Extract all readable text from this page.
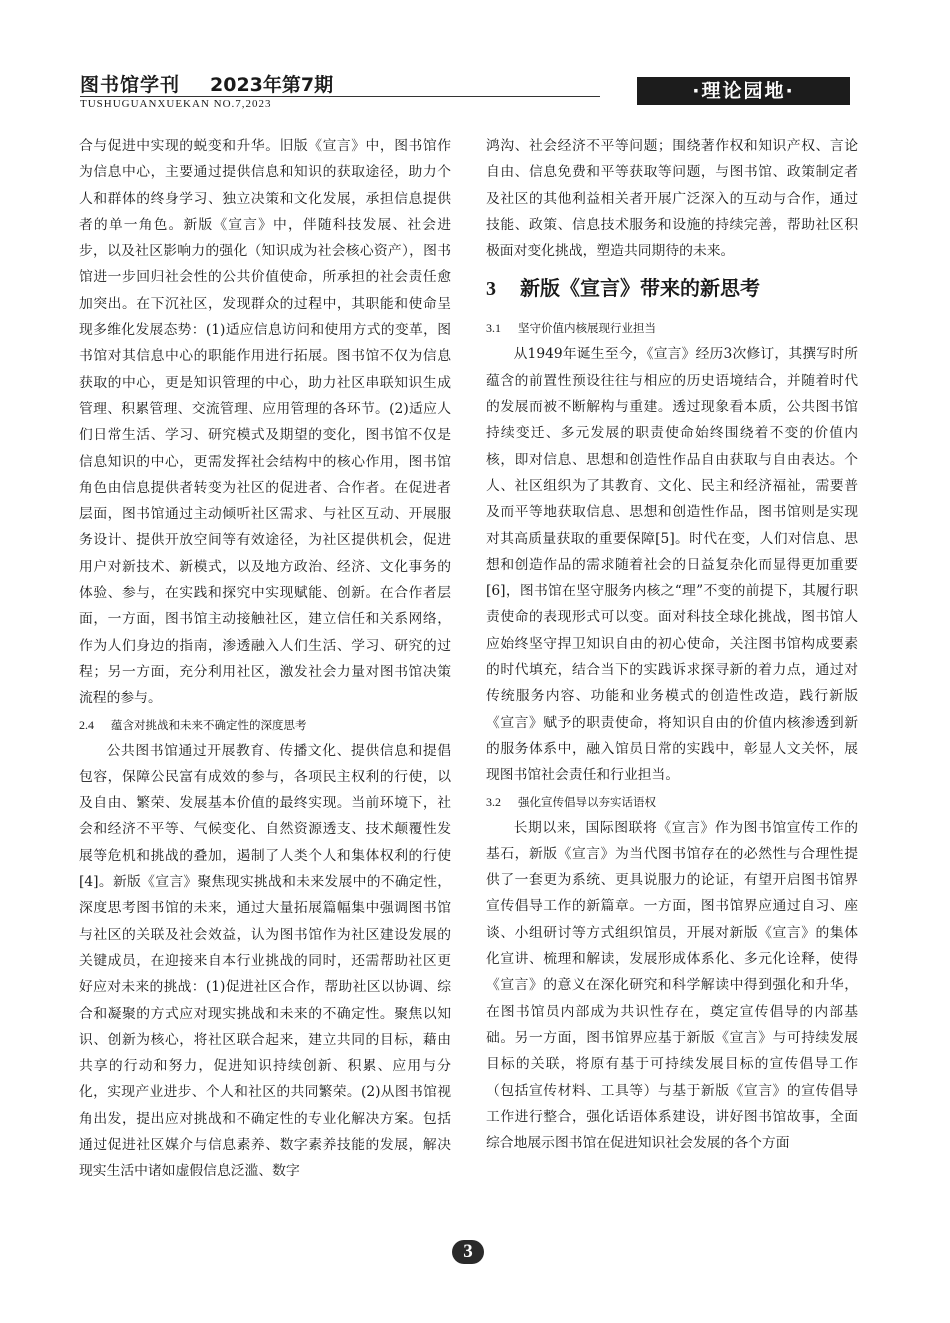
图书馆学刊 2023年第7期
TUSHUGUANXUEKAN NO.7,2023
·理论园地·

合与促进中实现的蜕变和升华。旧版《宣言》中，图书馆作为信息中心，主要通过提供信息和知识的获取途径，助力个人和群体的终身学习、独立决策和文化发展，承担信息提供者的单一角色。新版《宣言》中，伴随科技发展、社会进步，以及社区影响力的强化（知识成为社会核心资产），图书馆进一步回归社会性的公共价值使命，所承担的社会责任愈加突出。在下沉社区，发现群众的过程中，其职能和使命呈现多维化发展态势：(1)适应信息访问和使用方式的变革，图书馆对其信息中心的职能作用进行拓展。图书馆不仅为信息获取的中心，更是知识管理的中心，助力社区串联知识生成管理、积累管理、交流管理、应用管理的各环节。(2)适应人们日常生活、学习、研究模式及期望的变化，图书馆不仅是信息知识的中心，更需发挥社会结构中的核心作用，图书馆角色由信息提供者转变为社区的促进者、合作者。在促进者层面，图书馆通过主动倾听社区需求、与社区互动、开展服务设计、提供开放空间等有效途径，为社区提供机会，促进用户对新技术、新模式，以及地方政治、经济、文化事务的体验、参与，在实践和探究中实现赋能、创新。在合作者层面，一方面，图书馆主动接触社区，建立信任和关系网络，作为人们身边的指南，渗透融入人们生活、学习、研究的过程；另一方面，充分利用社区，激发社会力量对图书馆决策流程的参与。

2.4 蕴含对挑战和未来不确定性的深度思考

公共图书馆通过开展教育、传播文化、提供信息和提倡包容，保障公民富有成效的参与，各项民主权利的行使，以及自由、繁荣、发展基本价值的最终实现。当前环境下，社会和经济不平等、气候变化、自然资源透支、技术颠覆性发展等危机和挑战的叠加，遏制了人类个人和集体权利的行使[4]。新版《宣言》聚焦现实挑战和未来发展中的不确定性，深度思考图书馆的未来，通过大量拓展篇幅集中强调图书馆与社区的关联及社会效益，认为图书馆作为社区建设发展的关键成员，在迎接来自本行业挑战的同时，还需帮助社区更好应对未来的挑战：(1)促进社区合作，帮助社区以协调、综合和凝聚的方式应对现实挑战和未来的不确定性。聚焦以知识、创新为核心，将社区联合起来，建立共同的目标，藉由共享的行动和努力，促进知识持续创新、积累、应用与分化，实现产业进步、个人和社区的共同繁荣。(2)从图书馆视角出发，提出应对挑战和不确定性的专业化解决方案。包括通过促进社区媒介与信息素养、数字素养技能的发展，解决现实生活中诸如虚假信息泛滥、数字

鸿沟、社会经济不平等问题；围绕著作权和知识产权、言论自由、信息免费和平等获取等问题，与图书馆、政策制定者及社区的其他利益相关者开展广泛深入的互动与合作，通过技能、政策、信息技术服务和设施的持续完善，帮助社区积极面对变化挑战，塑造共同期待的未来。

3 新版《宣言》带来的新思考

3.1 坚守价值内核展现行业担当

从1949年诞生至今，《宣言》经历3次修订，其撰写时所蕴含的前置性预设往往与相应的历史语境结合，并随着时代的发展而被不断解构与重建。透过现象看本质，公共图书馆持续变迁、多元发展的职责使命始终围绕着不变的价值内核，即对信息、思想和创造性作品自由获取与自由表达。个人、社区组织为了其教育、文化、民主和经济福祉，需要普及而平等地获取信息、思想和创造性作品，图书馆则是实现对其高质量获取的重要保障[5]。时代在变，人们对信息、思想和创造作品的需求随着社会的日益复杂化而显得更加重要[6]，图书馆在坚守服务内核之“理”不变的前提下，其履行职责使命的表现形式可以变。面对科技全球化挑战，图书馆人应始终坚守捍卫知识自由的初心使命，关注图书馆构成要素的时代填充，结合当下的实践诉求探寻新的着力点，通过对传统服务内容、功能和业务模式的创造性改造，践行新版《宣言》赋予的职责使命，将知识自由的价值内核渗透到新的服务体系中，融入馆员日常的实践中，彰显人文关怀，展现图书馆社会责任和行业担当。

3.2 强化宣传倡导以夯实话语权

长期以来，国际图联将《宣言》作为图书馆宣传工作的基石，新版《宣言》为当代图书馆存在的必然性与合理性提供了一套更为系统、更具说服力的论证，有望开启图书馆界宣传倡导工作的新篇章。一方面，图书馆界应通过自习、座谈、小组研讨等方式组织馆员，开展对新版《宣言》的集体化宣讲、梳理和解读，发展形成体系化、多元化诠释，使得《宣言》的意义在深化研究和科学解读中得到强化和升华，在图书馆员内部成为共识性存在，奠定宣传倡导的内部基础。另一方面，图书馆界应基于新版《宣言》与可持续发展目标的关联，将原有基于可持续发展目标的宣传倡导工作（包括宣传材料、工具等）与基于新版《宣言》的宣传倡导工作进行整合，强化话语体系建设，讲好图书馆故事，全面综合地展示图书馆在促进知识社会发展的各个方面

3
